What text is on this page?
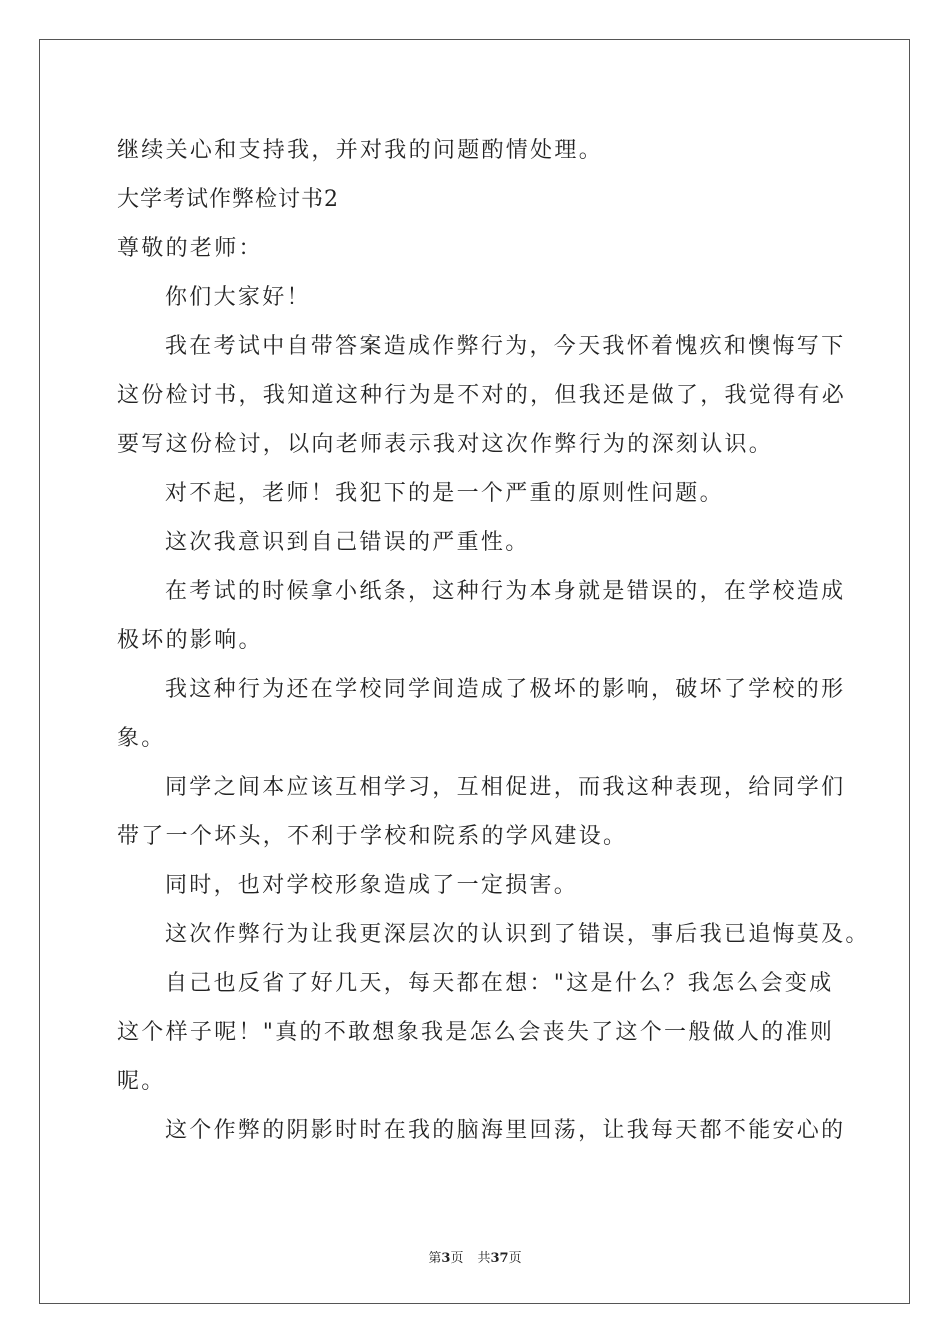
继续关心和支持我，并对我的问题酌情处理。
大学考试作弊检讨书2
尊敬的老师：
你们大家好！
我在考试中自带答案造成作弊行为，今天我怀着愧疚和懊悔写下
这份检讨书，我知道这种行为是不对的，但我还是做了，我觉得有必
要写这份检讨，以向老师表示我对这次作弊行为的深刻认识。
对不起，老师！我犯下的是一个严重的原则性问题。
这次我意识到自己错误的严重性。
在考试的时候拿小纸条，这种行为本身就是错误的，在学校造成
极坏的影响。
我这种行为还在学校同学间造成了极坏的影响，破坏了学校的形
象。
同学之间本应该互相学习，互相促进，而我这种表现，给同学们
带了一个坏头，不利于学校和院系的学风建设。
同时，也对学校形象造成了一定损害。
这次作弊行为让我更深层次的认识到了错误，事后我已追悔莫及。
自己也反省了好几天，每天都在想："这是什么？我怎么会变成
这个样子呢！"真的不敢想象我是怎么会丧失了这个一般做人的准则
呢。
这个作弊的阴影时时在我的脑海里回荡，让我每天都不能安心的
第3页 共37页
